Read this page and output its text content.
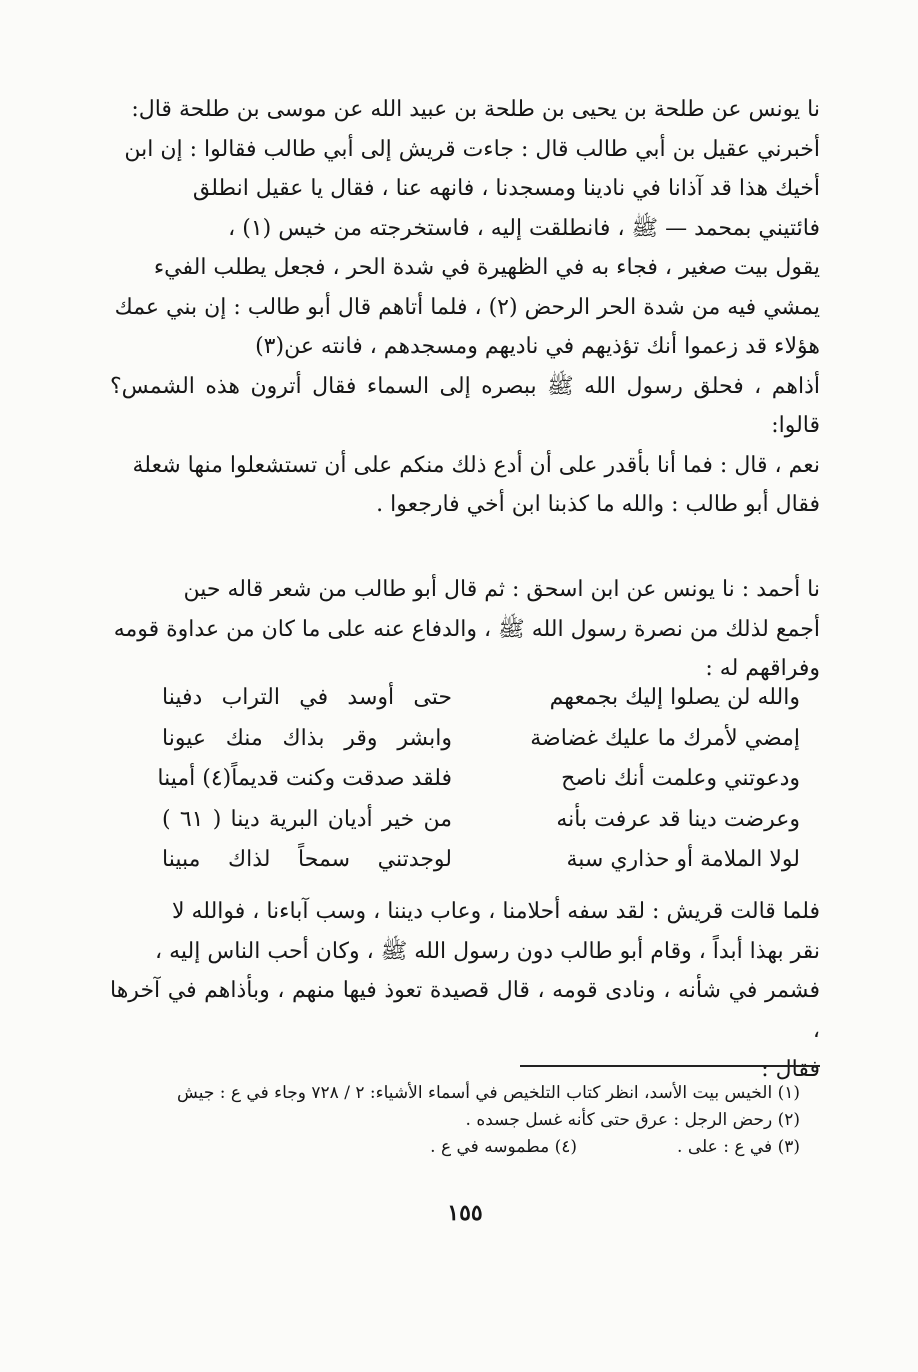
نا يونس عن طلحة بن يحيى بن طلحة بن عبيد الله عن موسى بن طلحة قال:

أخبرني عقيل بن أبي طالب قال : جاءت قريش إلى أبي طالب فقالوا : إن ابن

أخيك هذا قد آذانا في نادينا ومسجدنا ، فانهه عنا ، فقال يا عقيل انطلق

فائتيني بمحمد — ﷺ ، فانطلقت إليه ، فاستخرجته من خيس (١) ،

يقول بيت صغير ، فجاء به في الظهيرة في شدة الحر ، فجعل يطلب الفيء

يمشي فيه من شدة الحر الرحض (٢) ، فلما أتاهم قال أبو طالب : إن بني عمك

هؤلاء قد زعموا أنك تؤذيهم في ناديهم ومسجدهم ، فانته عن(٣)

أذاهم ، فحلق رسول الله ﷺ ببصره إلى السماء فقال أترون هذه الشمس؟ قالوا:

نعم ، قال : فما أنا بأقدر على أن أدع ذلك منكم على أن تستشعلوا منها شعلة

فقال أبو طالب : والله ما كذبنا ابن أخي فارجعوا .

نا أحمد : نا يونس عن ابن اسحق : ثم قال أبو طالب من شعر قاله حين

أجمع لذلك من نصرة رسول الله ﷺ ، والدفاع عنه على ما كان من عداوة قومه

وفراقهم له :

والله لن يصلوا إليك بجمعهم
إمضي لأمرك ما عليك غضاضة
ودعوتني وعلمت أنك ناصح
وعرضت دينا قد عرفت بأنه
لولا الملامة أو حذاري سبة
حتى أوسد في التراب دفينا
وابشر وقر بذاك منك عيونا
فلقد صدقت وكنت قديماً(٤) أمينا
من خير أديان البرية دينا ( ٦١ )
لوجدتني سمحاً لذاك مبينا

فلما قالت قريش : لقد سفه أحلامنا ، وعاب ديننا ، وسب آباءنا ، فوالله لا

نقر بهذا أبداً ، وقام أبو طالب دون رسول الله ﷺ ، وكان أحب الناس إليه ،

فشمر في شأنه ، ونادى قومه ، قال قصيدة تعوذ فيها منهم ، وبأذاهم في آخرها ،

فقال :

(١) الخيس بيت الأسد، انظر كتاب التلخيص في أسماء الأشياء: ٢ / ٧٢٨ وجاء في ع : جيش
(٢) رحض الرجل : عرق حتى كأنه غسل جسده .
(٣) في ع : على .
(٤) مطموسه في ع .
١٥٥
